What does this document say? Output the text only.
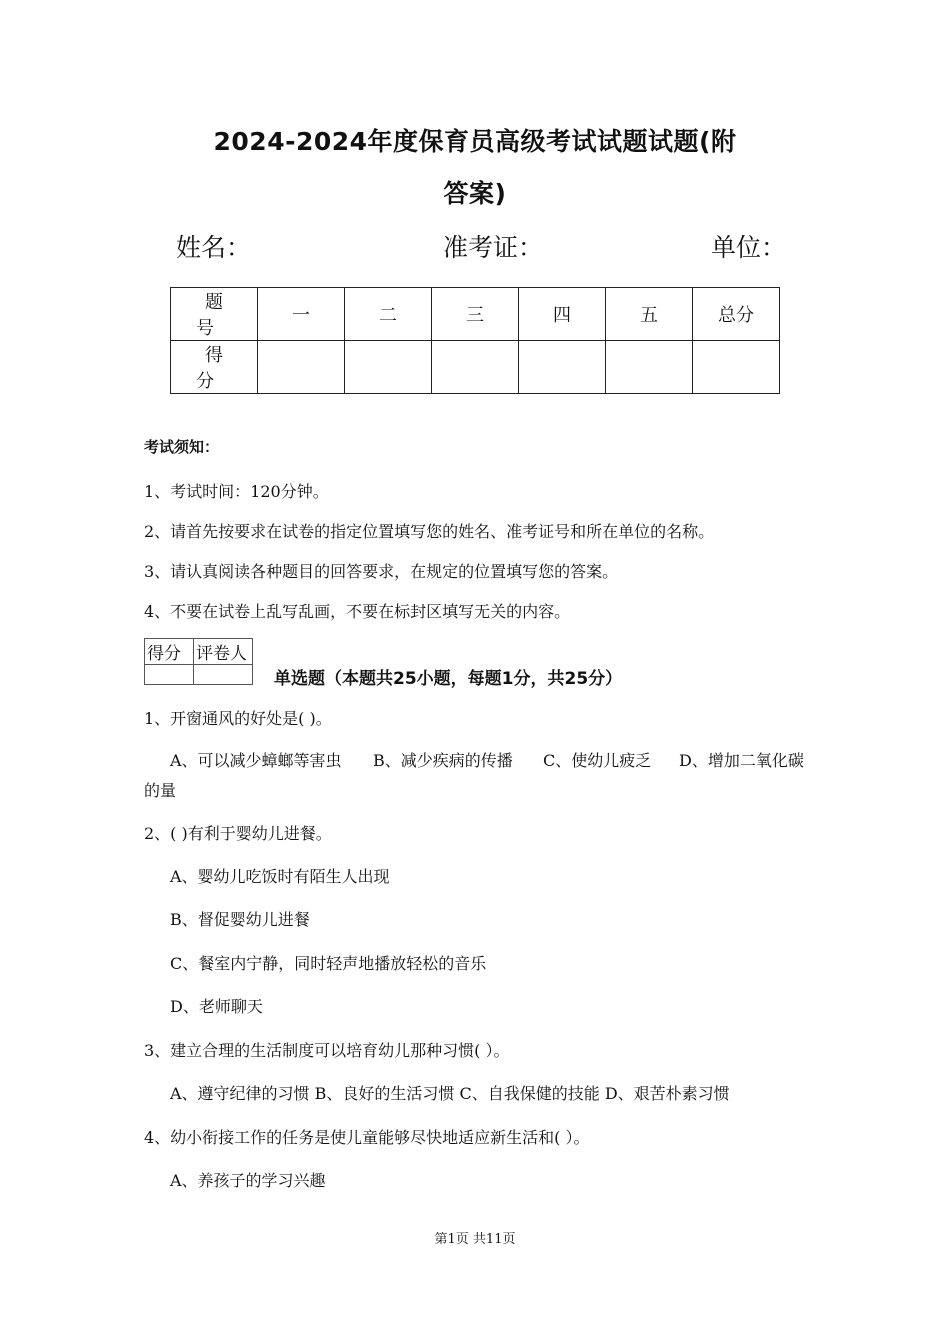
2024-2024年度保育员高级考试试题试题(附
答案)
姓名：	准考证：	单位：
题 号	一	二	三	四	五	总分
得 分						
考试须知：
1、考试时间：120分钟。
2、请首先按要求在试卷的指定位置填写您的姓名、准考证号和所在单位的名称。
3、请认真阅读各种题目的回答要求，在规定的位置填写您的答案。
4、不要在试卷上乱写乱画，不要在标封区填写无关的内容。
得分	评卷人

单选题（本题共25小题，每题1分，共25分）
1、开窗通风的好处是( )。
A、可以减少蟑螂等害虫 B、减少疾病的传播 C、使幼儿疲乏 D、增加二氧化碳
的量
2、( )有利于婴幼儿进餐。
A、婴幼儿吃饭时有陌生人出现
B、督促婴幼儿进餐
C、餐室内宁静，同时轻声地播放轻松的音乐
D、老师聊天
3、建立合理的生活制度可以培育幼儿那种习惯( ）。
A、遵守纪律的习惯 B、良好的生活习惯 C、自我保健的技能 D、艰苦朴素习惯
4、幼小衔接工作的任务是使儿童能够尽快地适应新生活和( ）。
A、养孩子的学习兴趣
第1页 共11页
